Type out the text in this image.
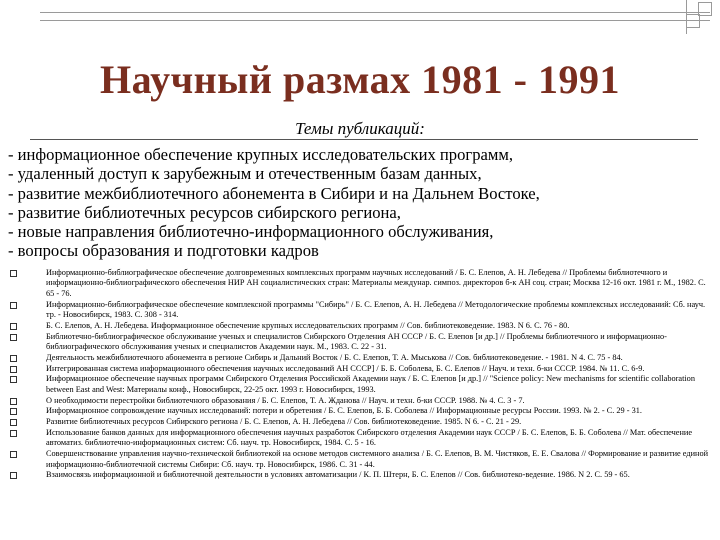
Научный размах 1981 - 1991
Темы публикаций:
- информационное обеспечение крупных исследовательских программ,
- удаленный доступ к зарубежным и отечественным базам данных,
- развитие межбиблиотечного абонемента в Сибири и на Дальнем Востоке,
- развитие библиотечных ресурсов сибирского региона,
- новые направления библиотечно-информационного обслуживания,
- вопросы образования и подготовки кадров
Информационно-библиографическое обеспечение долговременных комплексных программ научных исследований / Б. С. Елепов, А. Н. Лебедева // Проблемы библиотечного и информационно-библиографического обеспечения НИР АН социалистических стран: Материалы междунар. симпоз. директоров б-к АН соц. стран; Москва 12-16 окт. 1981 г. М., 1982. С. 65 - 76.
Информационно-библиографическое обеспечение комплексной программы "Сибирь" / Б. С. Елепов, А. Н. Лебедева // Методологические проблемы комплексных исследований: Сб. науч. тр. - Новосибирск, 1983. С. 308 - 314.
Б. С. Елепов, А. Н. Лебедева. Информационное обеспечение крупных исследовательских программ // Сов. библиотековедение. 1983. N 6. С. 76 - 80.
Библиотечно-библиографическое обслуживание ученых и специалистов Сибирского Отделения АН СССР / Б. С. Елепов [и др.] // Проблемы библиотечного и информационно-библиографического обслуживания ученых и специалистов Академии наук. М., 1983. С. 22 - 31.
Деятельность межбиблиотечного абонемента в регионе Сибирь и Дальний Восток / Б. С. Елепов, Т. А. Мыськова // Сов. библиотековедение. - 1981. N 4. С. 75 - 84.
Интегрированная система информационного обеспечения научных исследований АН СССР] / Б. Б. Соболева, Б. С. Елепов // Науч. и техн. б-ки СССР. 1984. № 11. С. 6-9.
Информационное обеспечение научных программ Сибирского Отделения Российской Академии наук / Б. С. Елепов [и др.] // "Science policy: New mechanisms for scientific collaboration between East and West: Материалы конф., Новосибирск, 22-25 окт. 1993 г. Новосибирск, 1993.
О необходимости перестройки библиотечного образования / Б. С. Елепов, Т. А. Жданова // Науч. и техн. б-ки СССР. 1988. № 4. С. 3 - 7.
Информационное сопровождение научных исследований: потери и обретения / Б. С. Елепов, Б. Б. Соболева // Информационные ресурсы России. 1993. № 2. - С. 29 - 31.
Развитие библиотечных ресурсов Сибирского региона / Б. С. Елепов, А. Н. Лебедева // Сов. библиотековедение. 1985. N 6. - С. 21 - 29.
Использование банков данных для информационного обеспечения научных разработок Сибирского отделения Академии наук СССР / Б. С. Елепов, Б. Б. Соболева // Мат. обеспечение автоматиз. библиотечно-информационных систем: Сб. науч. тр. Новосибирск, 1984. С. 5 - 16.
Совершенствование управления научно-технической библиотекой на основе методов системного анализа / Б. С. Елепов, В. М. Чистяков, Е. Е. Свалова // Формирование и развитие единой информационно-библиотечной системы Сибири: Сб. науч. тр. Новосибирск, 1986. С. 31 - 44.
Взаимосвязь информационной и библиотечной деятельности в условиях автоматизации / К. П. Штерн, Б. С. Елепов // Сов. библиотеко-ведение. 1986. N 2. С. 59 - 65.
